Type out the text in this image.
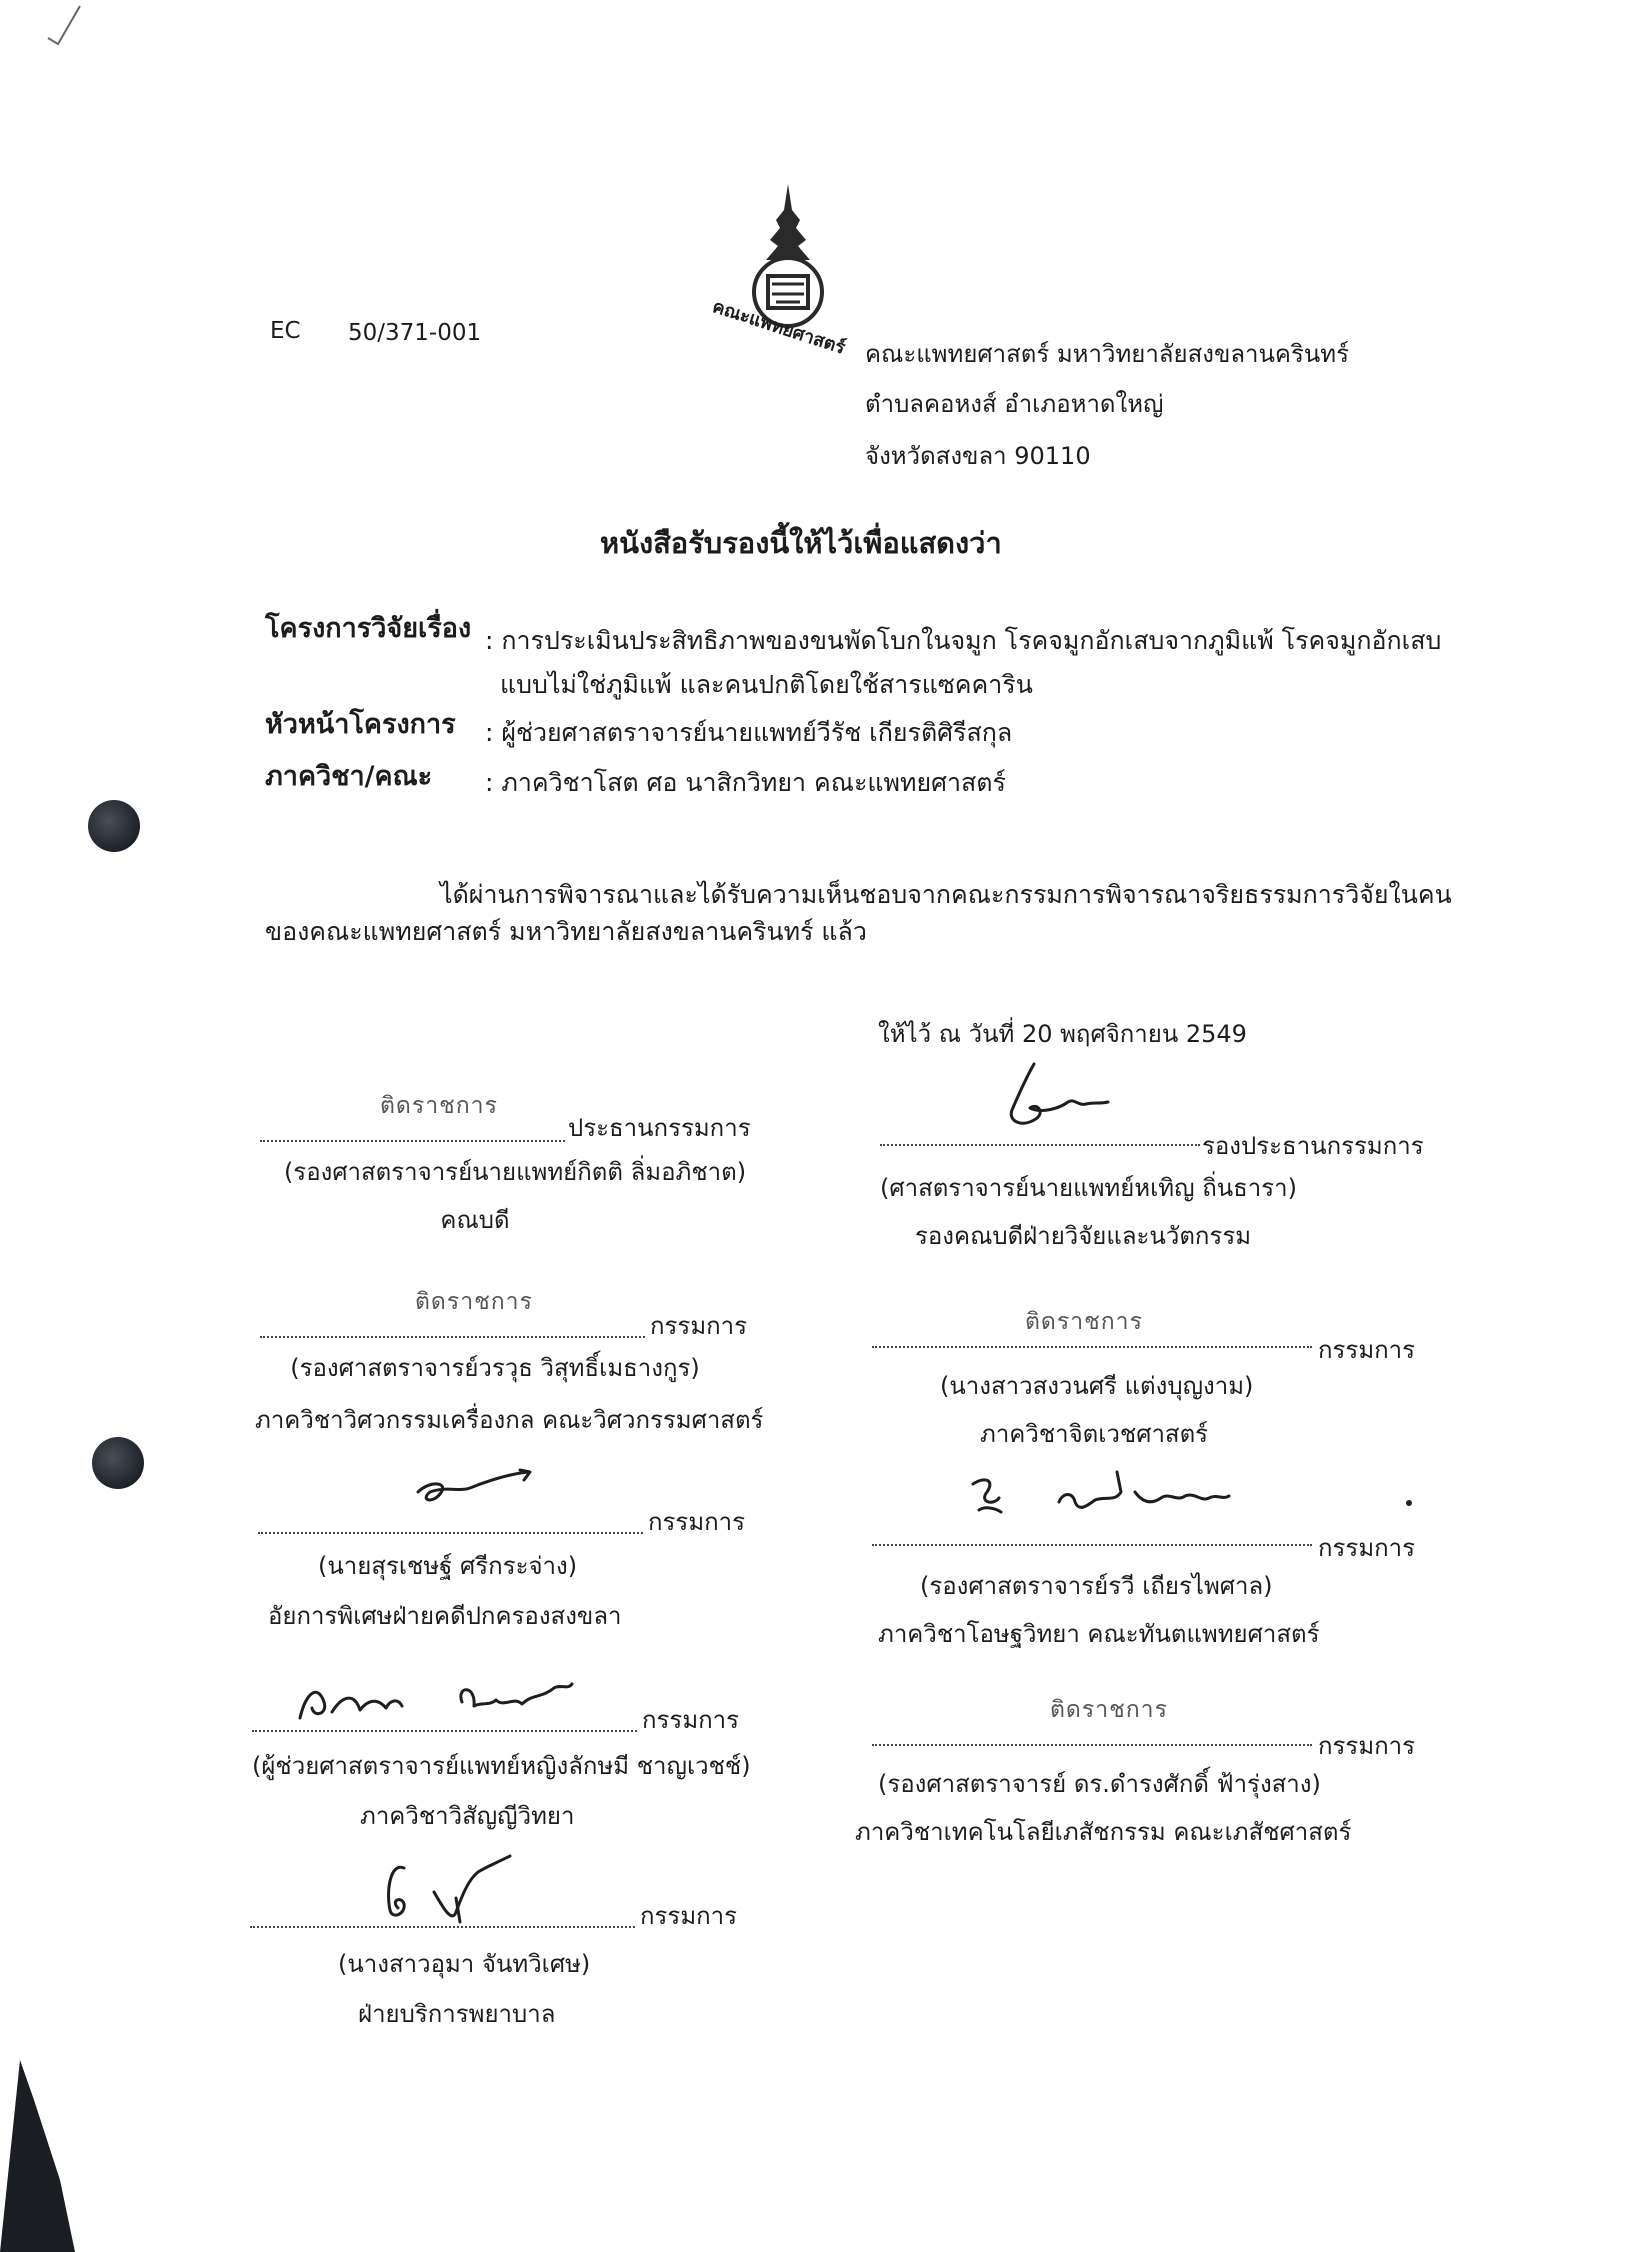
EC 50/371-001	คณะแพทยศาสตร์ คณะแพทยศาสตร์ มหาวิทยาลัยสงขลานครินทร์
ตำบลคอหงส์ อำเภอหาดใหญ่
จังหวัดสงขลา 90110
หนังสือรับรองนี้ให้ไว้เพื่อแสดงว่า
โครงการวิจัยเรื่อง : การประเมินประสิทธิภาพของขนพัดโบกในจมูก โรคจมูกอักเสบจากภูมิแพ้ โรคจมูกอักเสบ
แบบไม่ใช่ภูมิแพ้ และคนปกติโดยใช้สารแซคคาริน
หัวหน้าโครงการ : ผู้ช่วยศาสตราจารย์นายแพทย์วีรัช เกียรติศิรีสกุล
ภาควิชา/คณะ : ภาควิชาโสต ศอ นาสิกวิทยา คณะแพทยศาสตร์
ได้ผ่านการพิจารณาและได้รับความเห็นชอบจากคณะกรรมการพิจารณาจริยธรรมการวิจัยในคน
ของคณะแพทยศาสตร์ มหาวิทยาลัยสงขลานครินทร์ แล้ว
ให้ไว้ ณ วันที่ 20 พฤศจิกายน 2549
ติดราชการ
ประธานกรรมการ
(รองศาสตราจารย์นายแพทย์กิตติ ลิ่มอภิชาต)
คณบดี
ติดราชการ
กรรมการ
(รองศาสตราจารย์วรวุธ วิสุทธิ์เมธางกูร)
ภาควิชาวิศวกรรมเครื่องกล คณะวิศวกรรมศาสตร์
กรรมการ
(นายสุรเชษฐ์ ศรีกระจ่าง)
อัยการพิเศษฝ่ายคดีปกครองสงขลา
กรรมการ
(ผู้ช่วยศาสตราจารย์แพทย์หญิงลักษมี ชาญเวชช์)
ภาควิชาวิสัญญีวิทยา
กรรมการ
(นางสาวอุมา จันทวิเศษ)
ฝ่ายบริการพยาบาล
รองประธานกรรมการ
(ศาสตราจารย์นายแพทย์หเทิญ ถิ่นธารา)
รองคณบดีฝ่ายวิจัยและนวัตกรรม
ติดราชการ
กรรมการ
(นางสาวสงวนศรี แต่งบุญงาม)
ภาควิชาจิตเวชศาสตร์
กรรมการ
(รองศาสตราจารย์รวี เถียรไพศาล)
ภาควิชาโอษฐวิทยา คณะทันตแพทยศาสตร์
ติดราชการ
กรรมการ
(รองศาสตราจารย์ ดร.ดำรงศักดิ์ ฟ้ารุ่งสาง)
ภาควิชาเทคโนโลยีเภสัชกรรม คณะเภสัชศาสตร์
